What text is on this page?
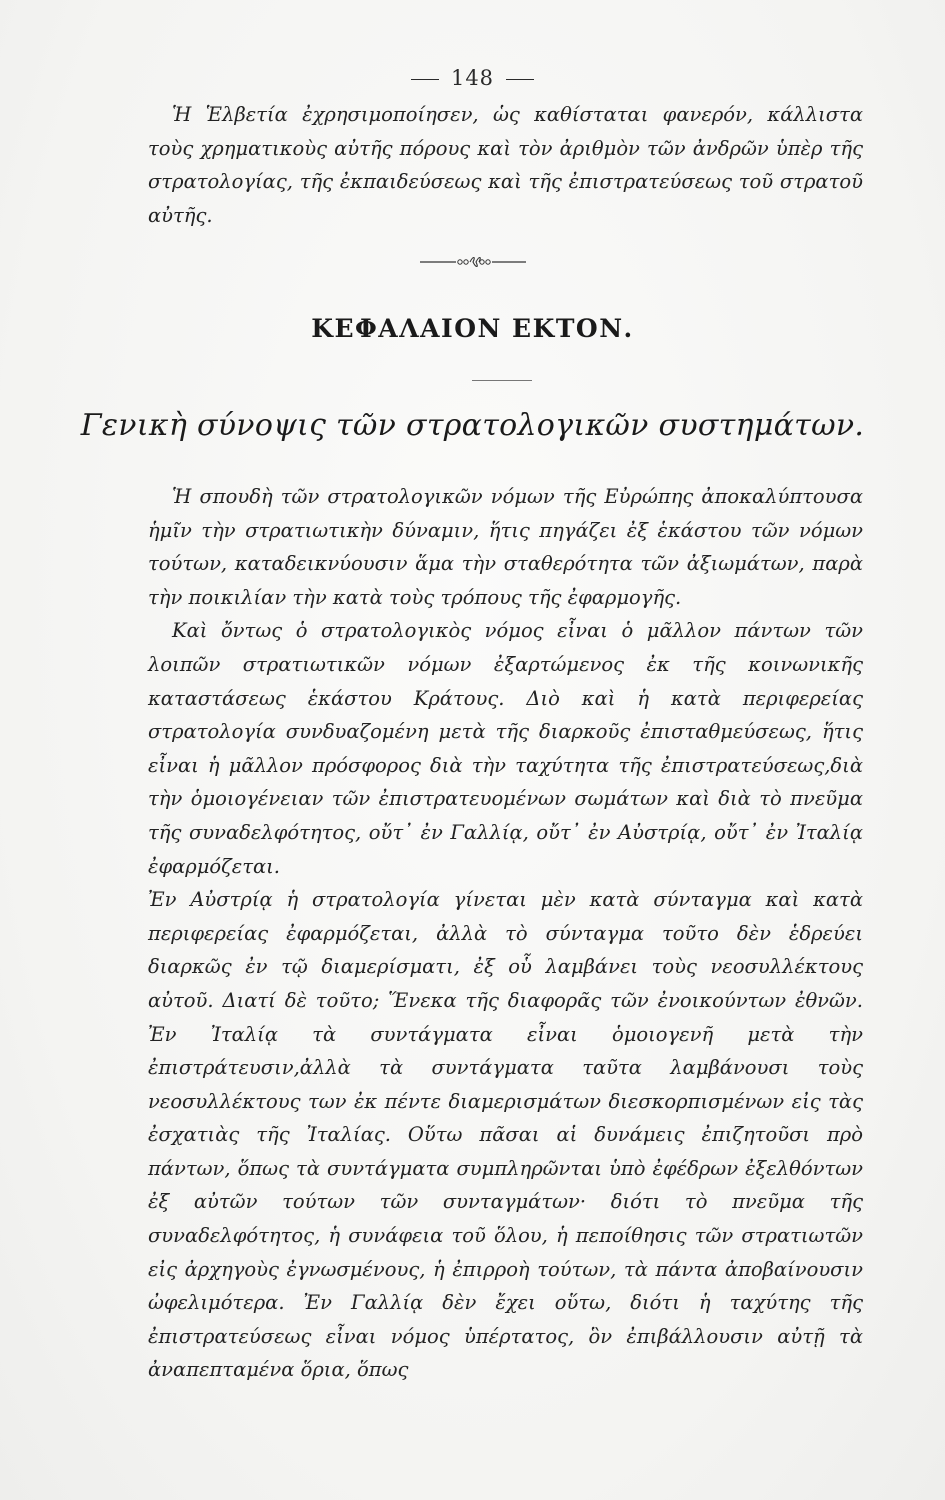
148

Ἡ Ἑλβετία ἐχρησιμοποίησεν, ὡς καθίσταται φανερόν, κάλλιστα τοὺς χρηματικοὺς αὐτῆς πόρους καὶ τὸν ἀριθμὸν τῶν ἀνδρῶν ὑπὲρ τῆς στρατολογίας, τῆς ἐκπαιδεύσεως καὶ τῆς ἐπιστρατεύσεως τοῦ στρατοῦ αὐτῆς.

ΚΕΦΑΛΑΙΟΝ ΕΚΤΟΝ.
Γενικὴ σύνοψις τῶν στρατολογικῶν συστημάτων.

Ἡ σπουδὴ τῶν στρατολογικῶν νόμων τῆς Εὐρώπης ἀποκαλύπτουσα ἡμῖν τὴν στρατιωτικὴν δύναμιν, ἥτις πηγάζει ἐξ ἑκάστου τῶν νόμων τούτων, καταδεικνύουσιν ἅμα τὴν σταθερότητα τῶν ἀξιωμάτων, παρὰ τὴν ποικιλίαν τὴν κατὰ τοὺς τρόπους τῆς ἐφαρμογῆς.

Καὶ ὄντως ὁ στρατολογικὸς νόμος εἶναι ὁ μᾶλλον πάντων τῶν λοιπῶν στρατιωτικῶν νόμων ἐξαρτώμενος ἐκ τῆς κοινωνικῆς καταστάσεως ἑκάστου Κράτους. Διὸ καὶ ἡ κατὰ περιφερείας στρατολογία συνδυαζομένη μετὰ τῆς διαρκοῦς ἐπισταθμεύσεως, ἥτις εἶναι ἡ μᾶλλον πρόσφορος διὰ τὴν ταχύτητα τῆς ἐπιστρατεύσεως,διὰ τὴν ὁμοιογένειαν τῶν ἐπιστρατευομένων σωμάτων καὶ διὰ τὸ πνεῦμα τῆς συναδελφότητος, οὔτ᾽ ἐν Γαλλίᾳ, οὔτ᾽ ἐν Αὐστρίᾳ, οὔτ᾽ ἐν Ἰταλίᾳ ἐφαρμόζεται.

Ἐν Αὐστρίᾳ ἡ στρατολογία γίνεται μὲν κατὰ σύνταγμα καὶ κατὰ περιφερείας ἐφαρμόζεται, ἀλλὰ τὸ σύνταγμα τοῦτο δὲν ἑδρεύει διαρκῶς ἐν τῷ διαμερίσματι, ἐξ οὗ λαμβάνει τοὺς νεοσυλλέκτους αὐτοῦ. Διατί δὲ τοῦτο; Ἕνεκα τῆς διαφορᾶς τῶν ἐνοικούντων ἐθνῶν. Ἐν Ἰταλίᾳ τὰ συντάγματα εἶναι ὁμοιογενῆ μετὰ τὴν ἐπιστράτευσιν,ἀλλὰ τὰ συντάγματα ταῦτα λαμβάνουσι τοὺς νεοσυλλέκτους των ἐκ πέντε διαμερισμάτων διεσκορπισμένων εἰς τὰς ἐσχατιὰς τῆς Ἰταλίας. Οὕτω πᾶσαι αἱ δυνάμεις ἐπιζητοῦσι πρὸ πάντων, ὅπως τὰ συντάγματα συμπληρῶνται ὑπὸ ἐφέδρων ἐξελθόντων ἐξ αὐτῶν τούτων τῶν συνταγμάτων· διότι τὸ πνεῦμα τῆς συναδελφότητος, ἡ συνάφεια τοῦ ὅλου, ἡ πεποίθησις τῶν στρατιωτῶν εἰς ἀρχηγοὺς ἐγνωσμένους, ἡ ἐπιρροὴ τούτων, τὰ πάντα ἀποβαίνουσιν ὠφελιμότερα. Ἐν Γαλλίᾳ δὲν ἔχει οὕτω, διότι ἡ ταχύτης τῆς ἐπιστρατεύσεως εἶναι νόμος ὑπέρτατος, ὃν ἐπιβάλλουσιν αὐτῇ τὰ ἀναπεπταμένα ὅρια, ὅπως
